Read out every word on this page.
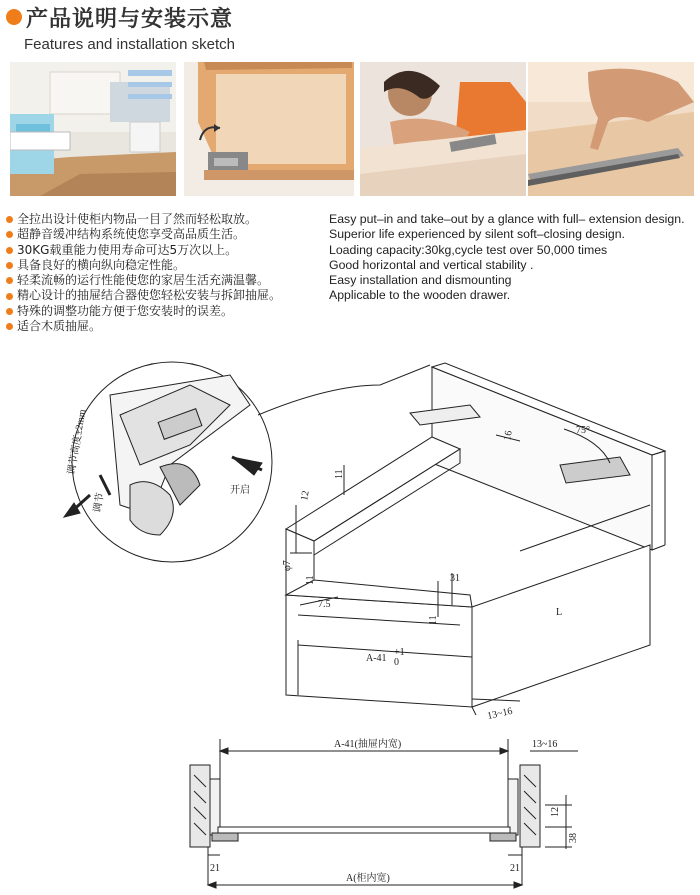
产品说明与安装示意
Features and installation sketch
全拉出设计使柜内物品一目了然而轻松取放。
超静音缓冲结构系统使您享受高品质生活。
30KG载重能力使用寿命可达5万次以上。
具备良好的横向纵向稳定性能。
轻柔流畅的运行性能使您的家居生活充满温馨。
精心设计的抽屉结合器使您轻松安装与拆卸抽屉。
特殊的调整功能方便于您安装时的误差。
适合木质抽屉。
Easy put–in and take–out by a glance with full– extension design.
Superior life experienced by silent soft–closing design.
Loading capacity:30kg,cycle test over 50,000 times
Good horizontal and vertical stability .
Easy installation and dismounting
Applicable to the wooden drawer.
调节高度±2mm
调节
开启	12
11
φ7
11
7.5
31
11
16	75°
L
A-41
+1
0
13~16
A-41(抽屉内宽)	13~16
12
38
21	21
A(柜内宽)
